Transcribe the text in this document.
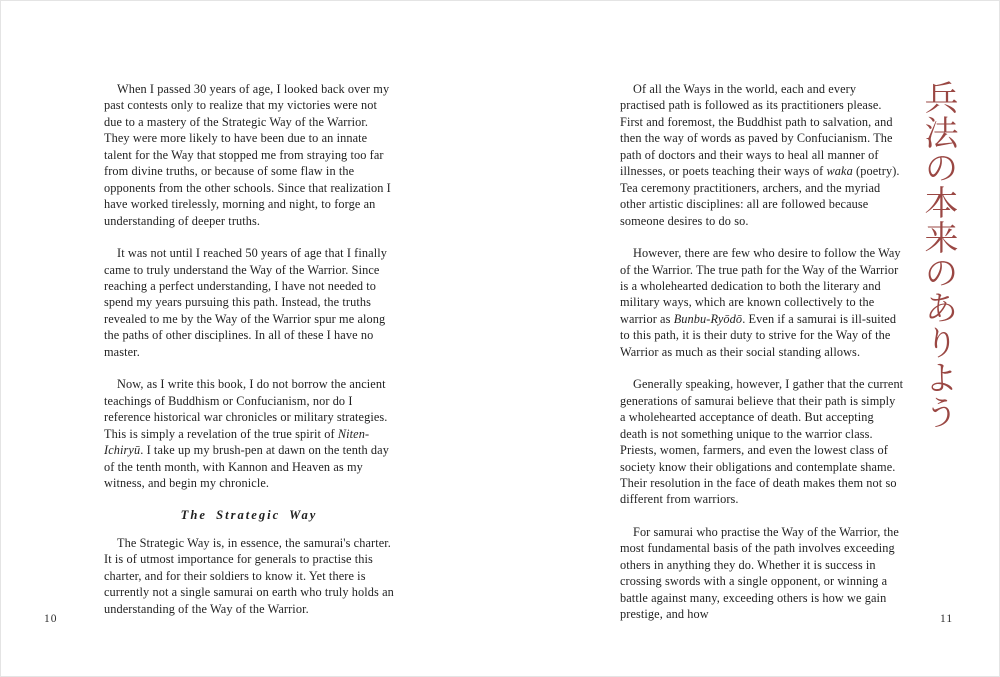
When I passed 30 years of age, I looked back over my past contests only to realize that my victories were not due to a mastery of the Strategic Way of the Warrior. They were more likely to have been due to an innate talent for the Way that stopped me from straying too far from divine truths, or because of some flaw in the opponents from the other schools. Since that realization I have worked tirelessly, morning and night, to forge an understanding of deeper truths.

It was not until I reached 50 years of age that I finally came to truly understand the Way of the Warrior. Since reaching a perfect understanding, I have not needed to spend my years pursuing this path. Instead, the truths revealed to me by the Way of the Warrior spur me along the paths of other disciplines. In all of these I have no master.

Now, as I write this book, I do not borrow the ancient teachings of Buddhism or Confucianism, nor do I reference historical war chronicles or military strategies. This is simply a revelation of the true spirit of Niten-Ichiryū. I take up my brush-pen at dawn on the tenth day of the tenth month, with Kannon and Heaven as my witness, and begin my chronicle.

The Strategic Way

The Strategic Way is, in essence, the samurai's charter. It is of utmost importance for generals to practise this charter, and for their soldiers to know it. Yet there is currently not a single samurai on earth who truly holds an understanding of the Way of the Warrior.

Of all the Ways in the world, each and every practised path is followed as its practitioners please. First and foremost, the Buddhist path to salvation, and then the way of words as paved by Confucianism. The path of doctors and their ways to heal all manner of illnesses, or poets teaching their ways of waka (poetry). Tea ceremony practitioners, archers, and the myriad other artistic disciplines: all are followed because someone desires to do so.

However, there are few who desire to follow the Way of the Warrior. The true path for the Way of the Warrior is a wholehearted dedication to both the literary and military ways, which are known collectively to the warrior as Bunbu-Ryōdō. Even if a samurai is ill-suited to this path, it is their duty to strive for the Way of the Warrior as much as their social standing allows.

Generally speaking, however, I gather that the current generations of samurai believe that their path is simply a wholehearted acceptance of death. But accepting death is not something unique to the warrior class. Priests, women, farmers, and even the lowest class of society know their obligations and contemplate shame. Their resolution in the face of death makes them not so different from warriors.

For samurai who practise the Way of the Warrior, the most fundamental basis of the path involves exceeding others in anything they do. Whether it is success in crossing swords with a single opponent, or winning a battle against many, exceeding others is how we gain prestige, and how

兵法の本来のありよう
10	11
